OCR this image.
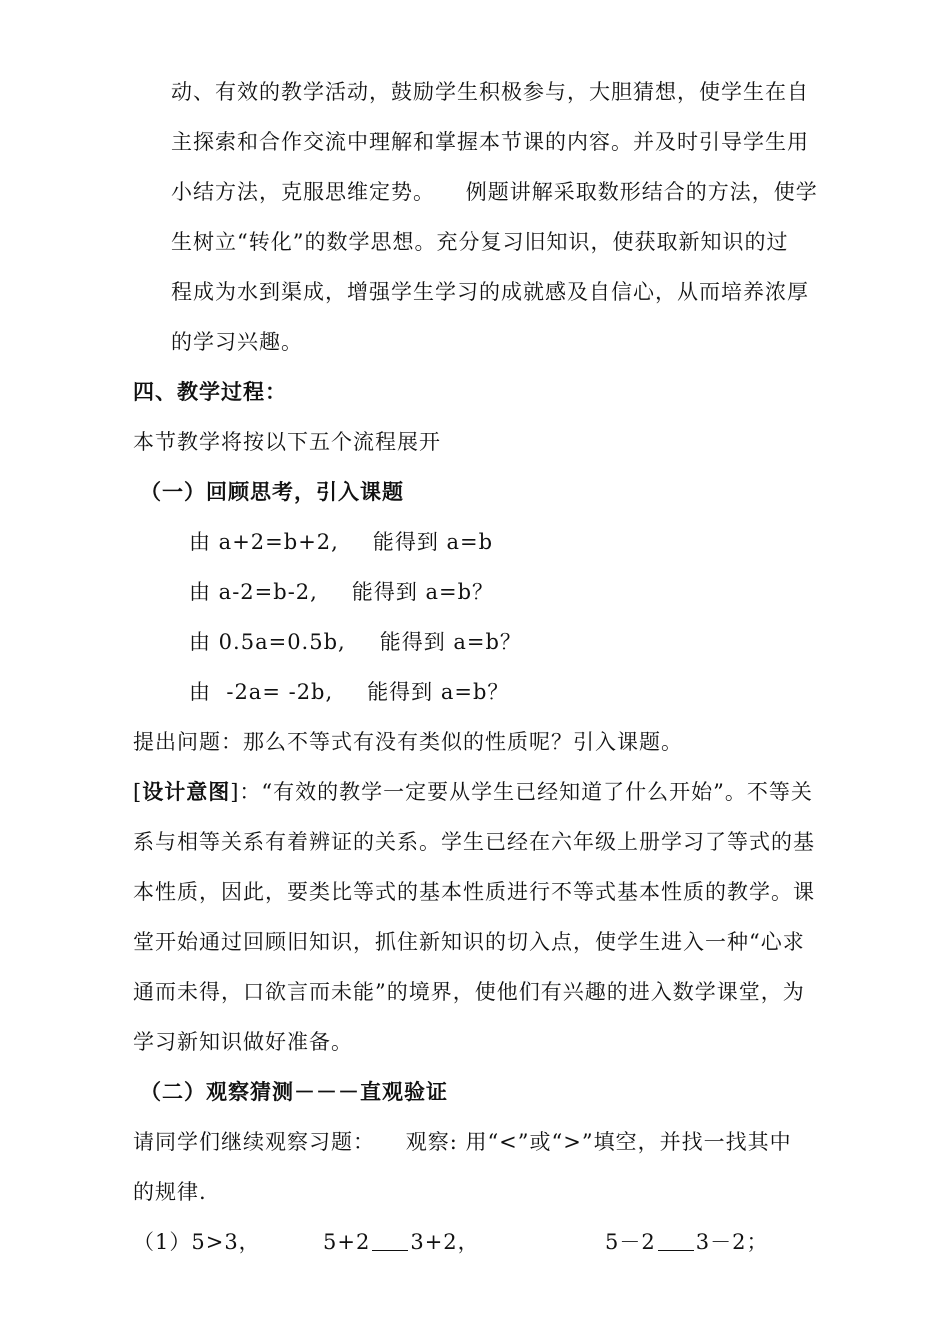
动、有效的教学活动，鼓励学生积极参与，大胆猜想，使学生在自
主探索和合作交流中理解和掌握本节课的内容。并及时引导学生用
小结方法，克服思维定势。    例题讲解采取数形结合的方法，使学
生树立“转化”的数学思想。充分复习旧知识，使获取新知识的过
程成为水到渠成，增强学生学习的成就感及自信心，从而培养浓厚
的学习兴趣。
四、教学过程：
本节教学将按以下五个流程展开
（一）回顾思考，引入课题
由 a+2=b+2, 能得到 a=b
由 a-2=b-2, 能得到 a=b？
由 0.5a=0.5b, 能得到 a=b？
由  -2a= -2b, 能得到 a=b？
提出问题：那么不等式有没有类似的性质呢？引入课题。
[设计意图]：“有效的教学一定要从学生已经知道了什么开始”。不等关
系与相等关系有着辨证的关系。学生已经在六年级上册学习了等式的基
本性质，因此，要类比等式的基本性质进行不等式基本性质的教学。课
堂开始通过回顾旧知识，抓住新知识的切入点，使学生进入一种“心求
通而未得，口欲言而未能”的境界，使他们有兴趣的进入数学课堂，为
学习新知识做好准备。
（二）观察猜测－－－直观验证
请同学们继续观察习题：    观察: 用“<”或“>”填空，并找一找其中
的规律.
（1）5>3，	5+2 3+2，	5－2 3－2；
